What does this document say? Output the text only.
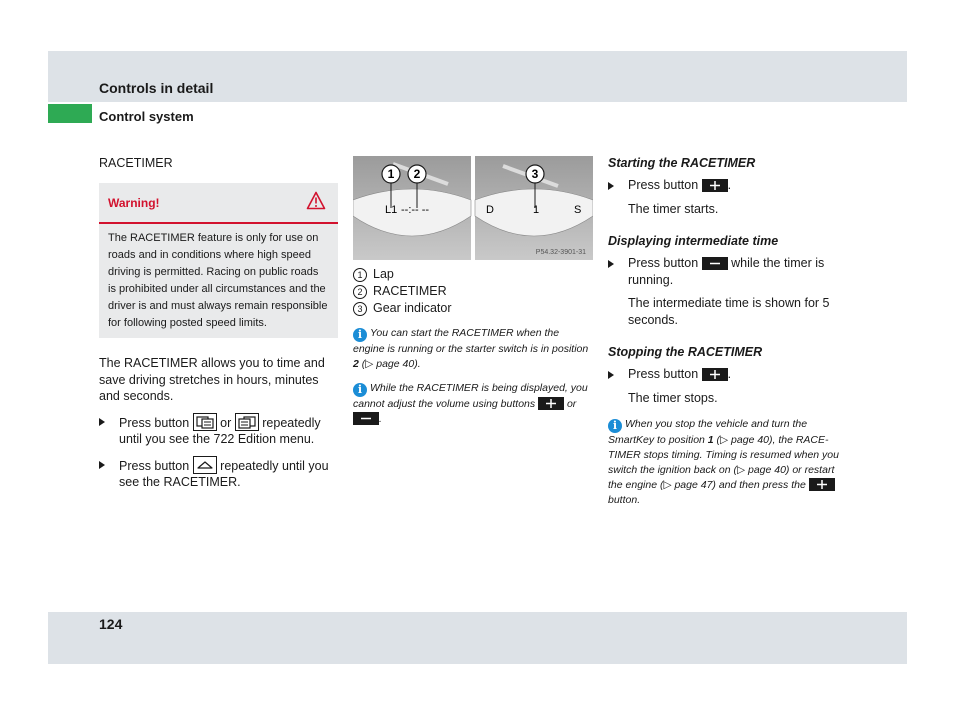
Controls in detail
Control system

RACETIMER

Warning!
The RACETIMER feature is only for use on roads and in conditions where high speed driving is permitted. Racing on public roads is prohibited under all circumstances and the driver is and must always remain responsible for following posted speed limits.

The RACETIMER allows you to time and save driving stretches in hours, minutes and seconds.

Press button or repeatedly until you see the 722 Edition menu.
Press button repeatedly until you see the RACETIMER.
1 2	3
L1 --:-- --	D	1	S
P54.32-3901-31
1 Lap
2 RACETIMER
3 Gear indicator

i You can start the RACETIMER when the engine is running or the starter switch is in position 2 (▷ page 40).

i While the RACETIMER is being displayed, you cannot adjust the volume using buttons
or
.

Starting the RACETIMER

Press button .

The timer starts.

Displaying intermediate time

Press button	while the timer is running.

The intermediate time is shown for 5 seconds.

Stopping the RACETIMER

Press button .

The timer stops.

i When you stop the vehicle and turn the SmartKey to position 1 (▷ page 40), the RACE-TIMER stops timing. Timing is resumed when you switch the ignition back on (▷ page 40) or restart the engine (▷ page 47) and then press the
button.

124
